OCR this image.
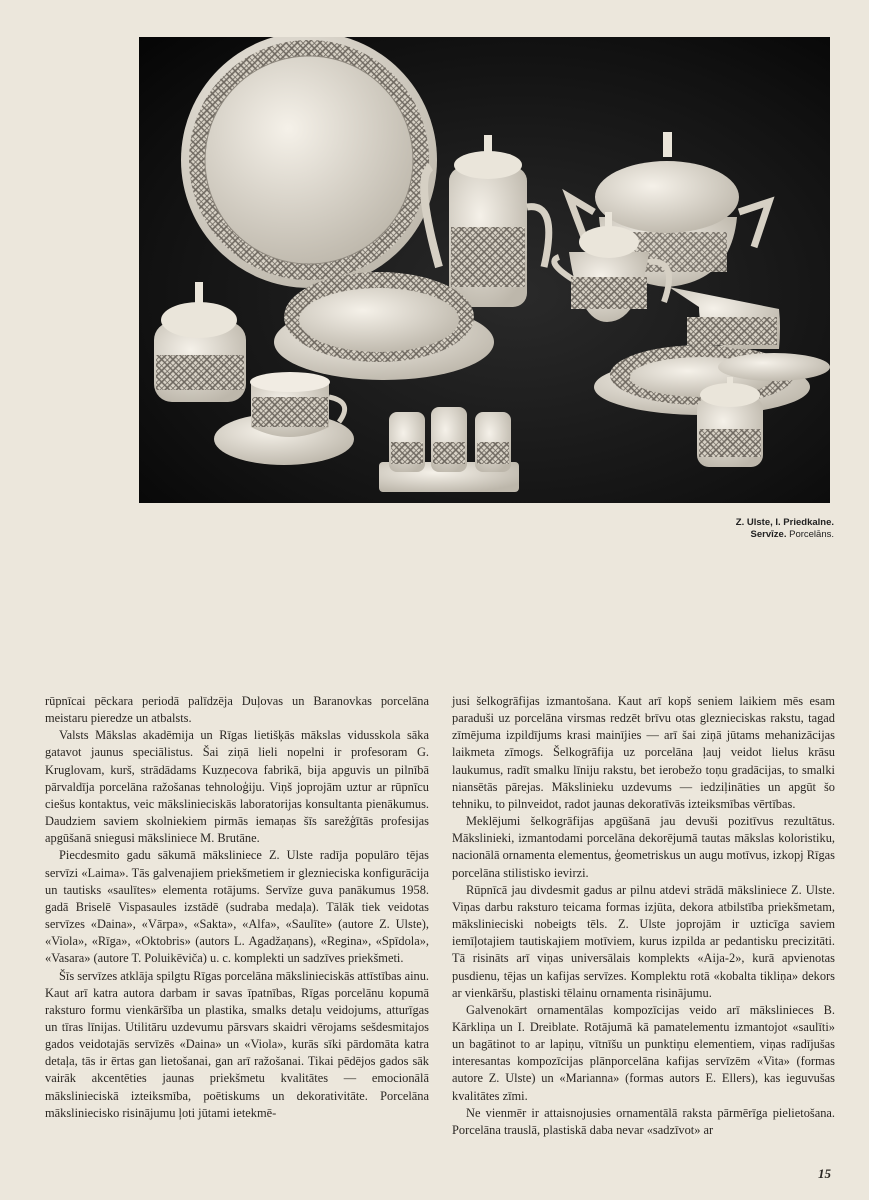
Z. Ulste, I. Priedkalne.
Servīze. Porcelāns.

rūpnīcai pēckara periodā palīdzēja Duļovas un Baranovkas porcelāna meistaru pieredze un atbalsts.

Valsts Mākslas akadēmija un Rīgas lietišķās mākslas vidusskola sāka gatavot jaunus speciālistus. Šai ziņā lieli nopelni ir profesoram G. Kruglovam, kurš, strādādams Kuzņecova fabrikā, bija apguvis un pilnībā pārvaldīja porcelāna ražošanas tehnoloģiju. Viņš joprojām uztur ar rūpnīcu ciešus kontaktus, veic mākslinieciskās laboratorijas konsultanta pienākumus. Daudziem saviem skolniekiem pirmās iemaņas šīs sarežģītās profesijas apgūšanā sniegusi māksliniece M. Brutāne.

Piecdesmito gadu sākumā māksliniece Z. Ulste radīja populāro tējas servīzi «Laima». Tās galvenajiem priekšmetiem ir gleznieciska konfigurācija un tautisks «saulītes» elementa rotājums. Servīze guva panākumus 1958. gadā Briselē Vispasaules izstādē (sudraba medaļa). Tālāk tiek veidotas servīzes «Daina», «Vārpa», «Sakta», «Alfa», «Saulīte» (autore Z. Ulste), «Viola», «Rīga», «Oktobris» (autors L. Agadžaņans), «Regina», «Spīdola», «Vasara» (autore T. Poluikēviča) u. c. komplekti un sadzīves priekšmeti.

Šīs servīzes atklāja spilgtu Rīgas porcelāna mākslinieciskās attīstības ainu. Kaut arī katra autora darbam ir savas īpatnības, Rīgas porcelānu kopumā raksturo formu vienkāršība un plastika, smalks detaļu veidojums, atturīgas un tīras līnijas. Utilitāru uzdevumu pārsvars skaidri vērojams sešdesmitajos gados veidotajās servīzēs «Daina» un «Viola», kurās sīki pārdomāta katra detaļa, tās ir ērtas gan lietošanai, gan arī ražošanai. Tikai pēdējos gados sāk vairāk akcentēties jaunas priekšmetu kvalitātes — emocionālā mākslinieciskā izteiksmība, poētiskums un dekorativitāte. Porcelāna mākslinieciskо risinājumu ļoti jūtami ietekmē-

jusi šelkogrāfijas izmantošana. Kaut arī kopš seniem laikiem mēs esam paraduši uz porcelāna virsmas redzēt brīvu otas gleznieciskas rakstu, tagad zīmējuma izpildījums krasi mainījies — arī šai ziņā jūtams mehanizācijas laikmeta zīmogs. Šelkogrāfija uz porcelāna ļauj veidot lielus krāsu laukumus, radīt smalku līniju rakstu, bet ierobežo toņu gradācijas, to smalki niansētās pārejas. Mākslinieku uzdevums — iedziļināties un apgūt šo tehniku, to pilnveidot, radot jaunas dekoratīvās izteiksmības vērtības.

Meklējumi šelkogrāfijas apgūšanā jau devuši pozitīvus rezultātus. Mākslinieki, izmantodami porcelāna dekorējumā tautas mākslas koloristiku, nacionālā ornamenta elementus, ģeometriskus un augu motīvus, izkopj Rīgas porcelāna stilistisko ievirzi.

Rūpnīcā jau divdesmit gadus ar pilnu atdevi strādā māksliniece Z. Ulste. Viņas darbu raksturo teicama formas izjūta, dekora atbilstība priekšmetam, mākslinieciski nobeigts tēls. Z. Ulste joprojām ir uzticīga saviem iemīļotajiem tautiskajiem motīviem, kurus izpilda ar pedantisku precizitāti. Tā risināts arī viņas universālais komplekts «Aija-2», kurā apvienotas pusdienu, tējas un kafijas servīzes. Komplektu rotā «kobalta tikliņa» dekors ar vienkāršu, plastiski tēlainu ornamenta risinājumu.

Galvenokārt ornamentālas kompozīcijas veido arī mākslinieces B. Kārkliņa un I. Dreiblate. Rotājumā kā pamatelementu izmantojot «saulīti» un bagātinot to ar lapiņu, vītnīšu un punktiņu elementiem, viņas radījušas interesantas kompozīcijas plānporcelāna kafijas servīzēm «Vita» (formas autore Z. Ulste) un «Marianna» (formas autors E. Ellers), kas ieguvušas kvalitātes zīmi.

Ne vienmēr ir attaisnojusies ornamentālā raksta pārmērīga pielietošana. Porcelāna trauslā, plastiskā daba nevar «sadzīvot» ar

15
